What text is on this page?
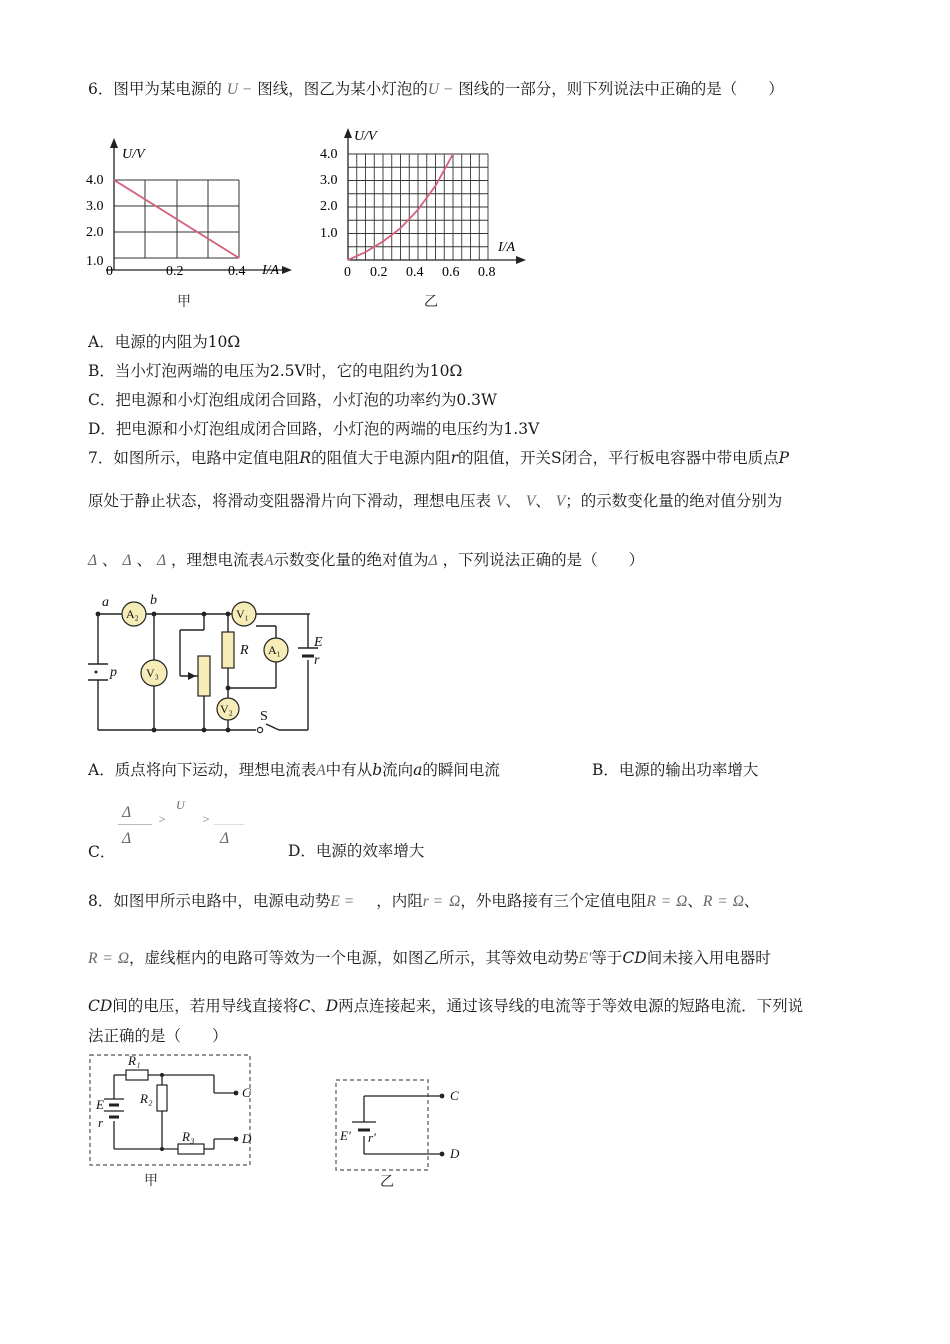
6．图甲为某电源的 U − 图线，图乙为某小灯泡的U − 图线的一部分，则下列说法中正确的是（　　）
U/V
I/A
4.0
3.0
2.0
1.0
0	0.2	0.4
甲
U/V
I/A
4.0
3.0
2.0
1.0
0 0.2 0.4 0.6 0.8
乙
A．电源的内阻为10Ω
B．当小灯泡两端的电压为2.5V时，它的电阻约为10Ω
C．把电源和小灯泡组成闭合回路，小灯泡的功率约为0.3W
D．把电源和小灯泡组成闭合回路，小灯泡的两端的电压约为1.3V
7．如图所示，电路中定值电阻R的阻值大于电源内阻r的阻值，开关S闭合，平行板电容器中带电质点P
原处于静止状态，将滑动变阻器滑片向下滑动，理想电压表 V、 V、 V；的示数变化量的绝对值分别为
Δ 、 Δ 、 Δ ，理想电流表A示数变化量的绝对值为Δ ，下列说法正确的是（　　）
A₂	V₁
V₃
A₁
V₂
a	b
p
R
E
r
S
A．质点将向下运动，理想电流表A中有从b流向a的瞬间电流	B．电源的输出功率增大
C．
Δ
Δ
>
U
>
Δ
D．电源的效率增大
8．如图甲所示电路中，电源电动势E = ，内阻r = Ω，外电路接有三个定值电阻R = Ω、R = Ω、
R = Ω，虚线框内的电路可等效为一个电源，如图乙所示，其等效电动势E′等于CD间未接入用电器时
CD间的电压，若用导线直接将C、D两点连接起来，通过该导线的电流等于等效电源的短路电流．下列说
法正确的是（　　）
R₁
R₂
R₃
E
r
C
D
甲
E′ r′
C
D
乙
